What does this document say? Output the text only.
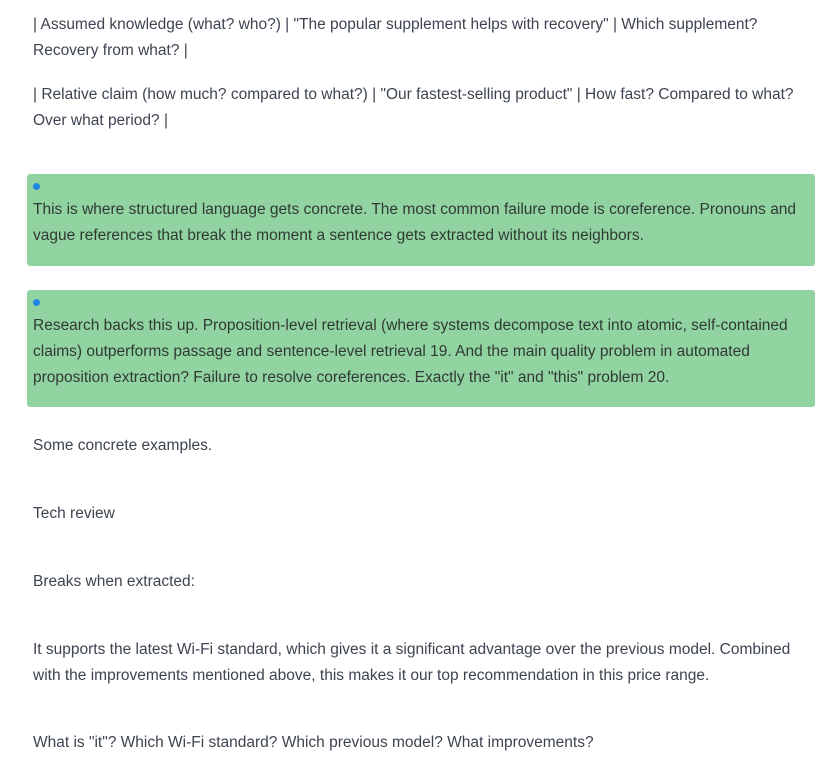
| Assumed knowledge (what? who?) | "The popular supplement helps with recovery" | Which supplement? Recovery from what? |

| Relative claim (how much? compared to what?) | "Our fastest-selling product" | How fast? Compared to what? Over what period? |

This is where structured language gets concrete. The most common failure mode is coreference. Pronouns and vague references that break the moment a sentence gets extracted without its neighbors.

Research backs this up. Proposition-level retrieval (where systems decompose text into atomic, self-contained claims) outperforms passage and sentence-level retrieval 19. And the main quality problem in automated proposition extraction? Failure to resolve coreferences. Exactly the "it" and "this" problem 20.

Some concrete examples.

Tech review

Breaks when extracted:

It supports the latest Wi-Fi standard, which gives it a significant advantage over the previous model. Combined with the improvements mentioned above, this makes it our top recommendation in this price range.

What is "it"? Which Wi-Fi standard? Which previous model? What improvements?
